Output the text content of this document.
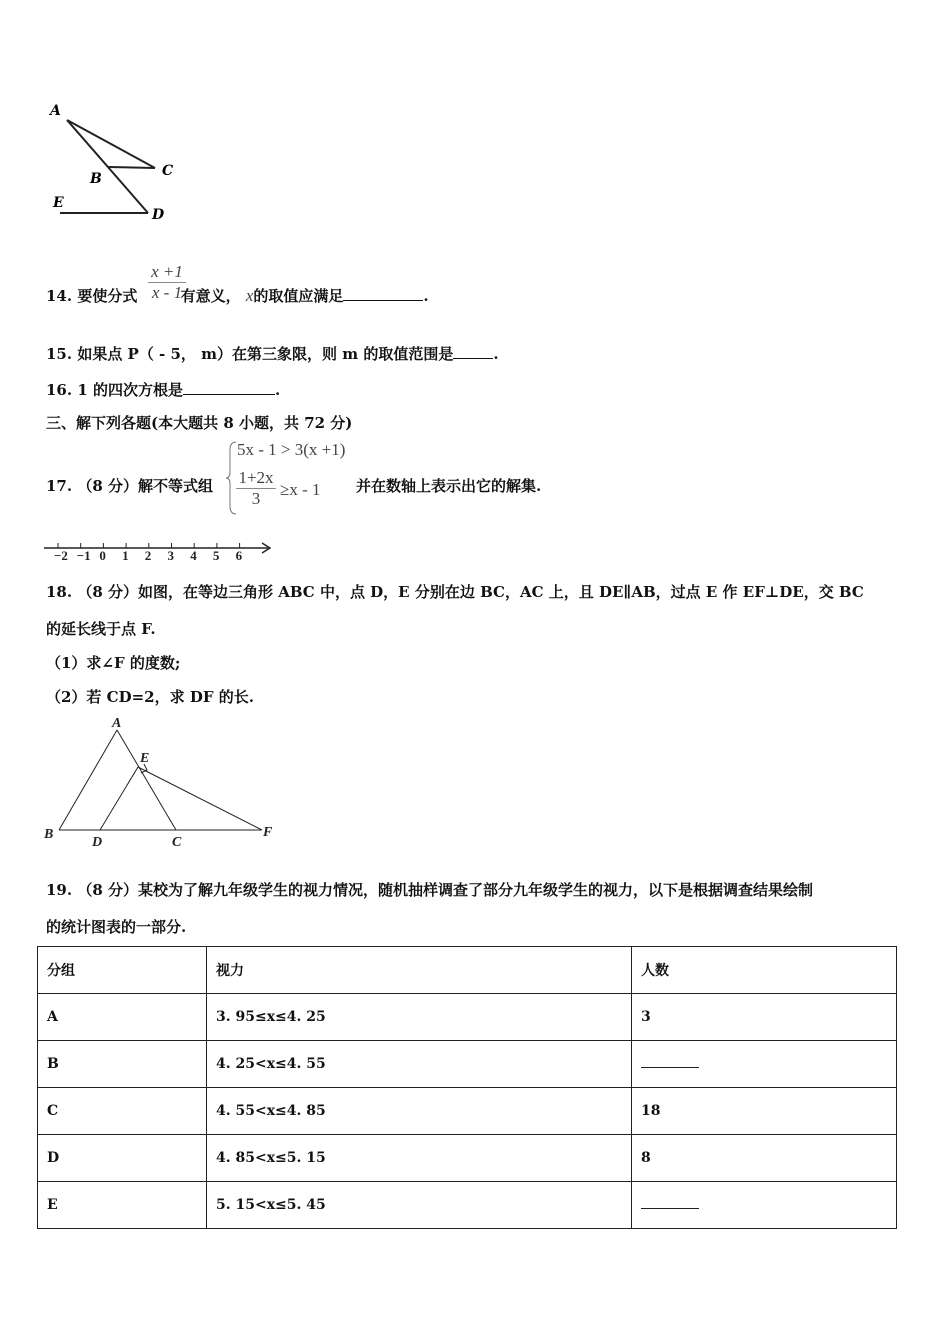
A
B	C
E
D
14. 要使分式	有意义， x的取值应满足	.
$\frac{x +1}{x - 1}$
15. 如果点 P（ - 5， m）在第三象限，则 m 的取值范围是	.
16. 1 的四次方根是	.
三、解下列各题(本大题共 8 小题，共 72 分)
17. （8 分）解不等式组
5x - 1 > 3(x +1)
$\frac{1+2x}{3} \ge x - 1$ 并在数轴上表示出它的解集.
−2 −1 0 1 2 3 4 5 6
18. （8 分）如图，在等边三角形 ABC 中，点 D，E 分别在边 BC，AC 上，且 DE∥AB，过点 E 作 EF⊥DE，交 BC
的延长线于点 F.
（1）求∠F 的度数;
（2）若 CD=2，求 DF 的长.
A
E
B
D	C
F
19. （8 分）某校为了解九年级学生的视力情况，随机抽样调查了部分九年级学生的视力，以下是根据调查结果绘制
的统计图表的一部分.
分组	视力	人数
A	3. 95≤x≤4. 25	3
B	4. 25<x≤4. 55	
C	4. 55<x≤4. 85	18
D	4. 85<x≤5. 15	8
E	5. 15<x≤5. 45	
